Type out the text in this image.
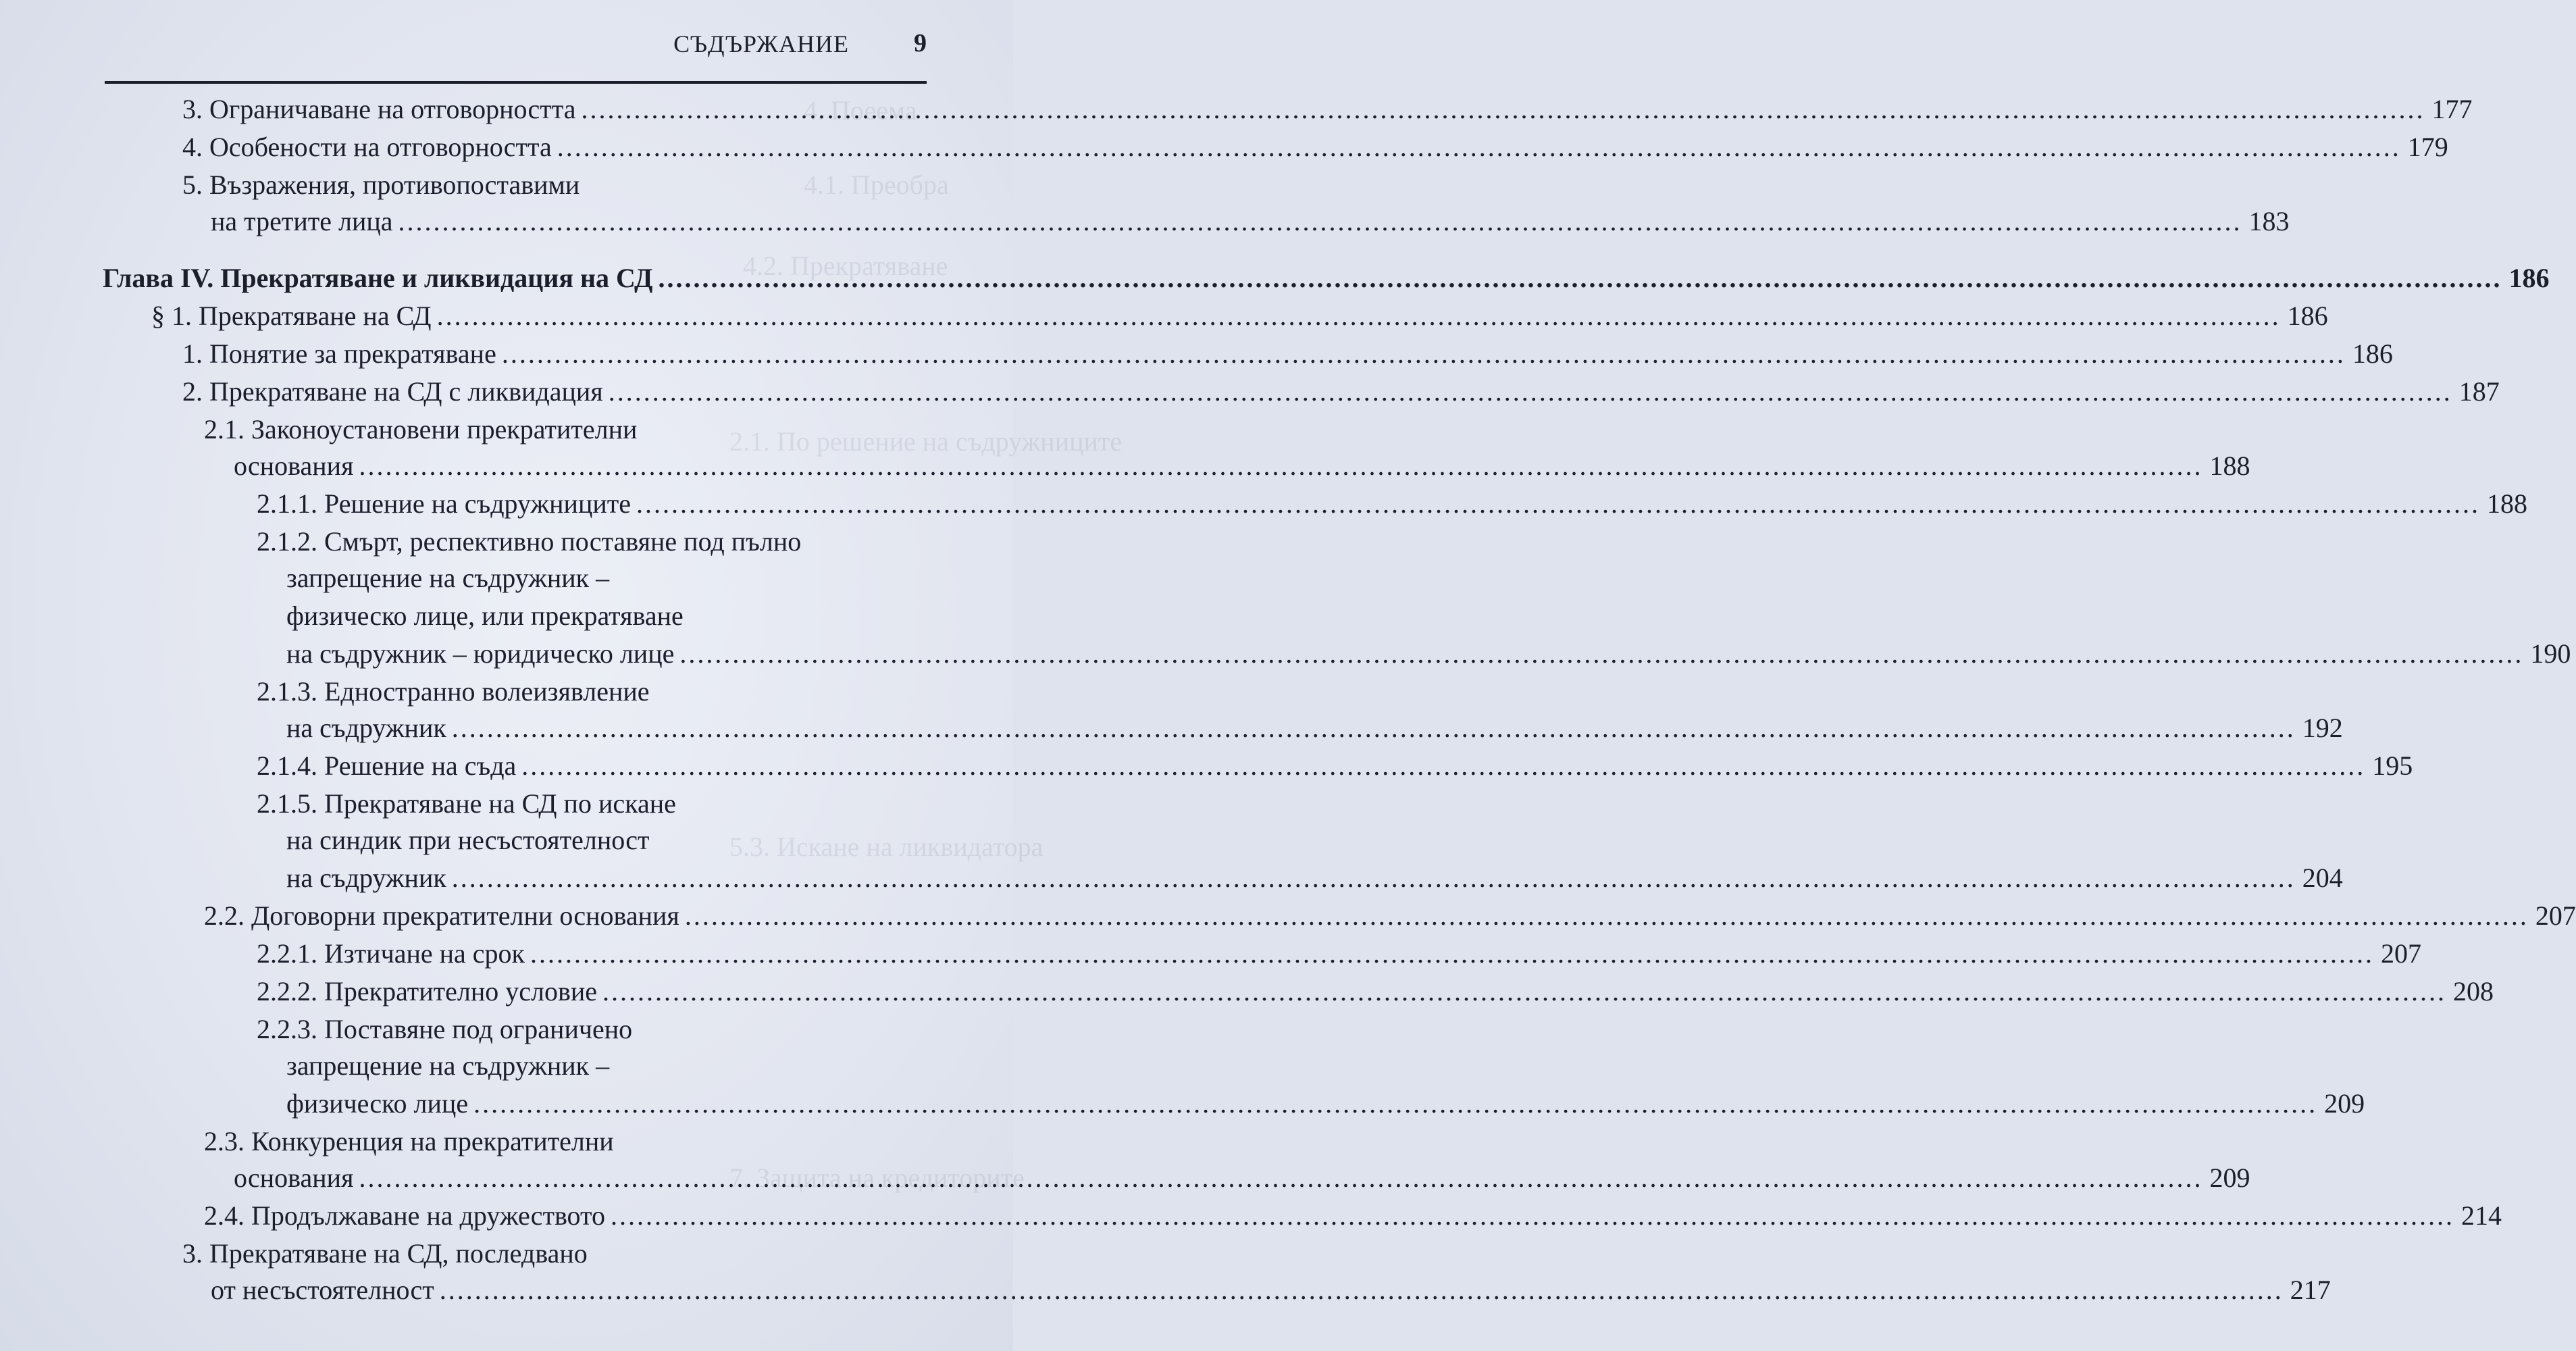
4. Поеема
4.1. Преобра
4.2. Прекратяване
2.1. По решение на съдружниците
5.3. Искане на ликвидатора
7. Защита на кредиторите
СЪДЪРЖАНИЕ	9
3. Ограничаване на отговорността .....	177
4. Особености на отговорността .....	179
5. Възражения, противопоставими
на третите лица .....	183
Глава IV. Прекратяване и ликвидация на СД .....	186
§ 1. Прекратяване на СД .....	186
1. Понятие за прекратяване .....	186
2. Прекратяване на СД с ликвидация .....	187
2.1. Законоустановени прекратителни
основания .....	188
2.1.1. Решение на съдружниците .....	188
2.1.2. Смърт, респективно поставяне под пълно
запрещение на съдружник –
физическо лице, или прекратяване
на съдружник – юридическо лице .....	190
2.1.3. Едностранно волеизявление
на съдружник .....	192
2.1.4. Решение на съда .....	195
2.1.5. Прекратяване на СД по искане
на синдик при несъстоятелност
на съдружник .....	204
2.2. Договорни прекратителни основания .....	207
2.2.1. Изтичане на срок .....	207
2.2.2. Прекратително условие .....	208
2.2.3. Поставяне под ограничено
запрещение на съдружник –
физическо лице .....	209
2.3. Конкуренция на прекратителни
основания .....	209
2.4. Продължаване на дружеството .....	214
3. Прекратяване на СД, последвано
от несъстоятелност .....	217
